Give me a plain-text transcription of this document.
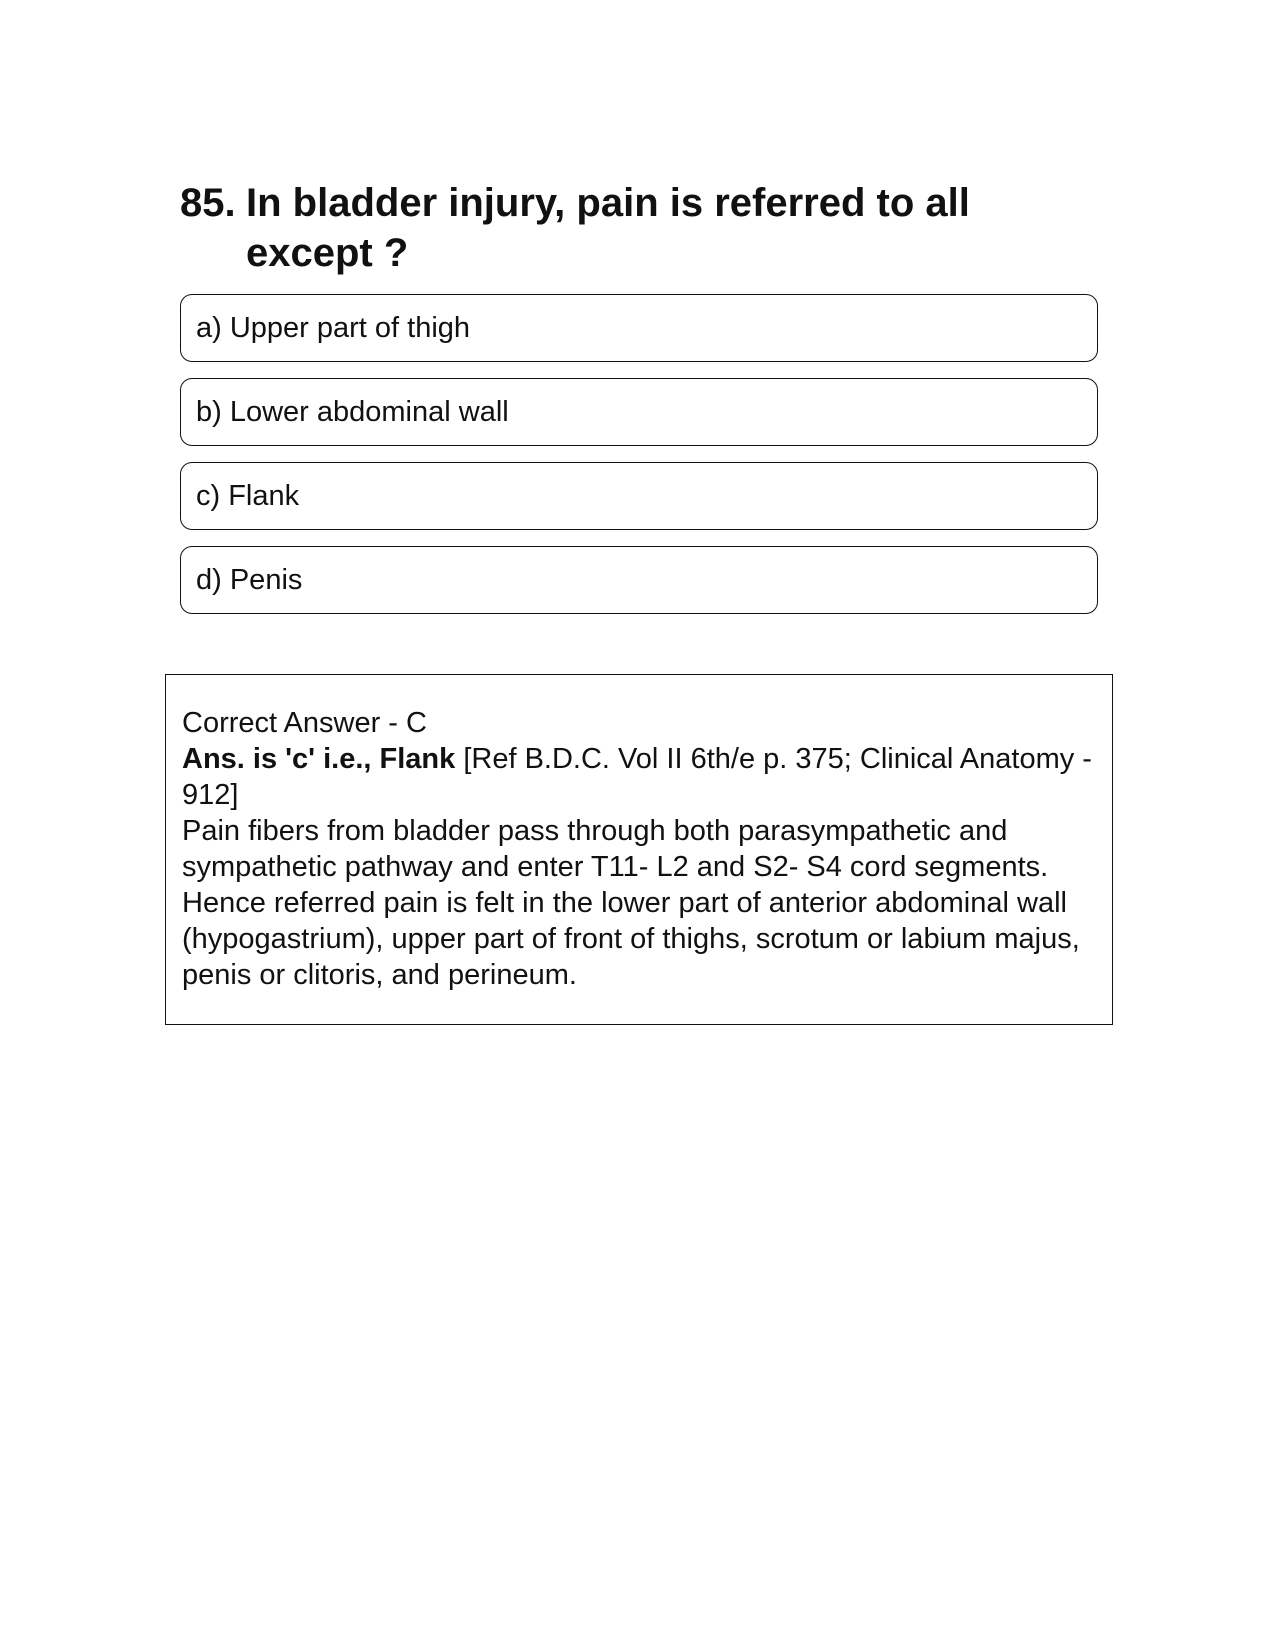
85. In bladder injury, pain is referred to all except ?
a) Upper part of thigh
b) Lower abdominal wall
c) Flank
d) Penis

Correct Answer - C

Ans. is 'c' i.e., Flank [Ref B.D.C. Vol II 6th/e p. 375; Clinical Anatomy - 912]

Pain fibers from bladder pass through both parasympathetic and sympathetic pathway and enter T11- L2 and S2- S4 cord segments. Hence referred pain is felt in the lower part of anterior abdominal wall (hypogastrium), upper part of front of thighs, scrotum or labium majus, penis or clitoris, and perineum.
